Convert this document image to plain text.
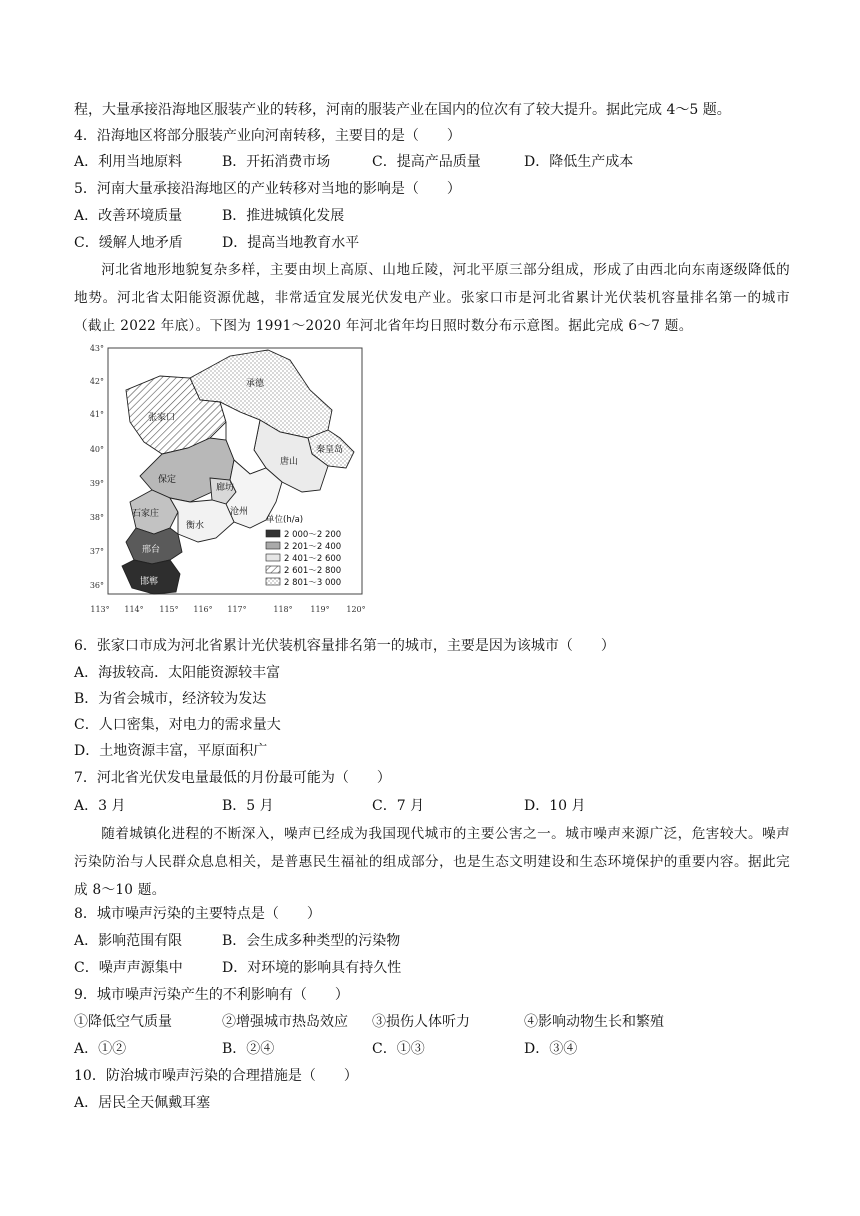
程，大量承接沿海地区服装产业的转移，河南的服装产业在国内的位次有了较大提升。据此完成 4～5 题。
4．沿海地区将部分服装产业向河南转移，主要目的是（　　）
A．利用当地原料	B．开拓消费市场	C．提高产品质量	D．降低生产成本
5．河南大量承接沿海地区的产业转移对当地的影响是（　　）
A．改善环境质量	B．推进城镇化发展
C．缓解人地矛盾	D．提高当地教育水平
河北省地形地貌复杂多样，主要由坝上高原、山地丘陵，河北平原三部分组成，形成了由西北向东南逐级降低的地势。河北省太阳能资源优越，非常适宜发展光伏发电产业。张家口市是河北省累计光伏装机容量排名第一的城市（截止 2022 年底）。下图为 1991～2020 年河北省年均日照时数分布示意图。据此完成 6～7 题。
43°
42°
41°
40°
39°
38°
37°
36°
113° 114° 115° 116° 117°	118° 119° 120°
承德
张家口
秦皇岛
唐山
保定
廊坊
石家庄
衡水
沧州
邢台
邯郸
单位(h/a)
2 000～2 200
2 201～2 400
2 401～2 600
2 601～2 800
2 801～3 000
6．张家口市成为河北省累计光伏装机容量排名第一的城市，主要是因为该城市（　　）
A．海拔较高．太阳能资源较丰富
B．为省会城市，经济较为发达
C．人口密集，对电力的需求量大
D．土地资源丰富，平原面积广
7．河北省光伏发电量最低的月份最可能为（　　）
A．3 月	B．5 月	C．7 月	D．10 月
随着城镇化进程的不断深入，噪声已经成为我国现代城市的主要公害之一。城市噪声来源广泛，危害较大。噪声污染防治与人民群众息息相关，是普惠民生福祉的组成部分，也是生态文明建设和生态环境保护的重要内容。据此完成 8～10 题。
8．城市噪声污染的主要特点是（　　）
A．影响范围有限	B．会生成多种类型的污染物
C．噪声声源集中	D．对环境的影响具有持久性
9．城市噪声污染产生的不利影响有（　　）
①降低空气质量	②增强城市热岛效应 ③损伤人体听力	④影响动物生长和繁殖
A．①②	B．②④	C．①③	D．③④
10．防治城市噪声污染的合理措施是（　　）
A．居民全天佩戴耳塞
